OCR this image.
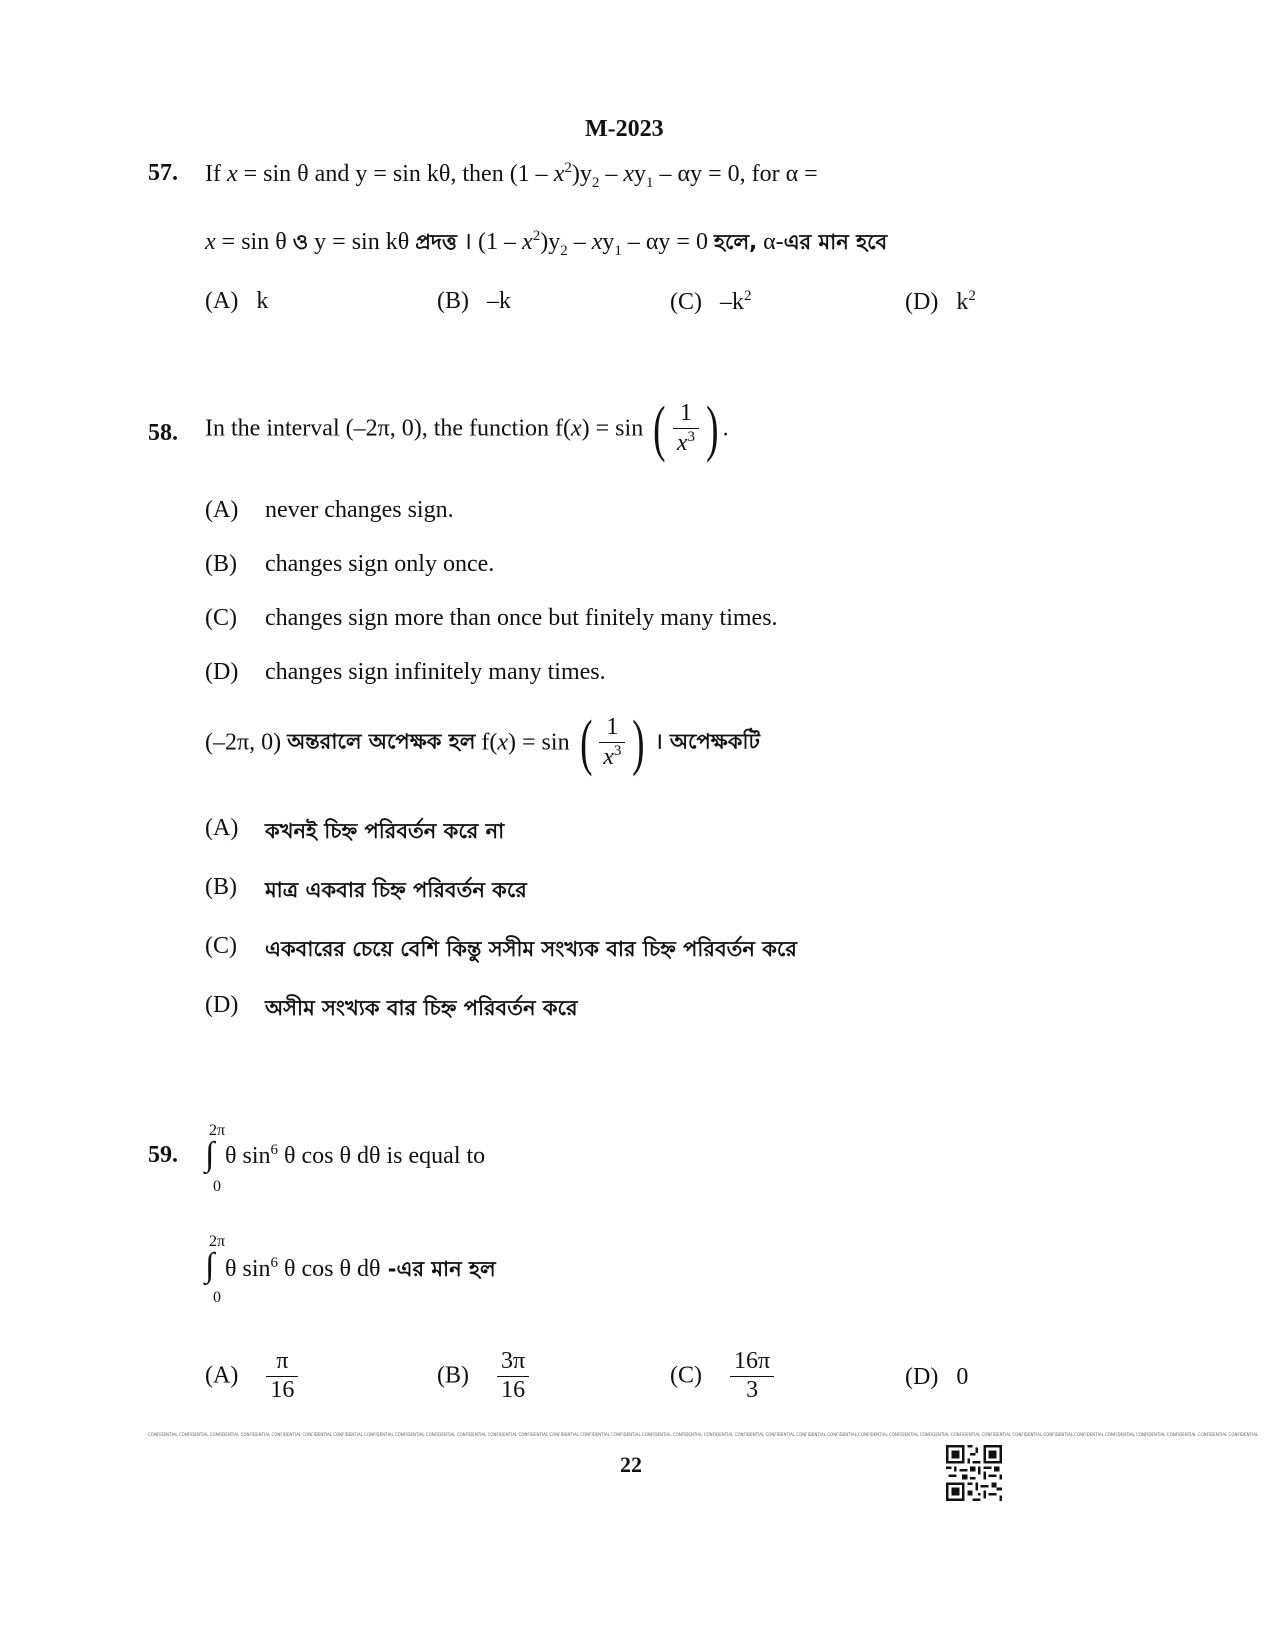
M-2023
57. If x = sin θ and y = sin kθ, then $(1 - x^2)y_2 - xy_1 - \alpha y = 0$, for α =
x = sin θ ও y = sin kθ প্রদত্ত । $(1 - x^2)y_2 - xy_1 - \alpha y = 0$ হলে, α-এর মান হবে
(A) k	(B) –k	(C) $-k^2$	(D) $k^2$
58. In the interval (–2π, 0), the function f(x) = sin ( $\frac{1}{x^3}$ ) .
(A) never changes sign.
(B) changes sign only once.
(C) changes sign more than once but finitely many times.
(D) changes sign infinitely many times.
(–2π, 0) অন্তরালে অপেক্ষক হল f(x) = sin ( $\frac{1}{x^3}$ ) । অপেক্ষকটি
(A) কখনই চিহ্ন পরিবর্তন করে না
(B) মাত্র একবার চিহ্ন পরিবর্তন করে
(C) একবারের চেয়ে বেশি কিন্তু সসীম সংখ্যক বার চিহ্ন পরিবর্তন করে
(D) অসীম সংখ্যক বার চিহ্ন পরিবর্তন করে
59.
2π
∫
0
θ $\sin^6 \theta$ cos θ dθ is equal to
2π
∫
0
θ $\sin^6 \theta$ cos θ dθ -এর মান হল
$(A) \frac{\pi}{16}$	$(B) \frac{3\pi}{16}$	$(C) \frac{16\pi}{3}$	(D) 0
CONFIDENTIAL CONFIDENTIAL CONFIDENTIAL CONFIDENTIAL CONFIDENTIAL CONFIDENTIAL CONFIDENTIAL CONFIDENTIAL CONFIDENTIAL CONFIDENTIAL CONFIDENTIAL CONFIDENTIAL CONFIDENTIAL CONFIDENTIAL CONFIDENTIAL CONFIDENTIAL CONFIDENTIAL CONFIDENTIAL CONFIDENTIAL CONFIDENTIAL CONFIDENTIAL CONFIDENTIAL CONFIDENTIAL CONFIDENTIAL CONFIDENTIAL CONFIDENTIAL CONFIDENTIAL CONFIDENTIAL CONFIDENTIAL CONFIDENTIAL CONFIDENTIAL CONFIDENTIAL CONFIDENTIAL CONFIDENTIAL CONFIDENTIAL CONFIDENTIAL
22
